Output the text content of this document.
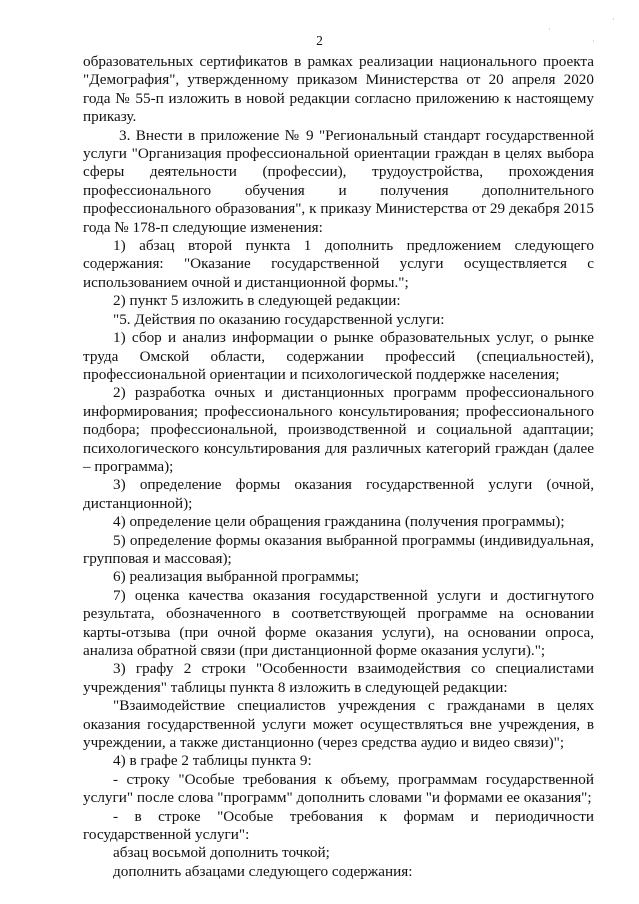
2

образовательных сертификатов в рамках реализации национального проекта "Демография", утвержденному приказом Министерства от 20 апреля 2020 года № 55-п изложить в новой редакции согласно приложению к настоящему приказу.

3. Внести в приложение № 9 "Региональный стандарт государственной услуги "Организация профессиональной ориентации граждан в целях выбора сферы деятельности (профессии), трудоустройства, прохождения профессионального обучения и получения дополнительного профессионального образования", к приказу Министерства от 29 декабря 2015 года № 178-п следующие изменения:

1) абзац второй пункта 1 дополнить предложением следующего содержания: "Оказание государственной услуги осуществляется с использованием очной и дистанционной формы.";

2) пункт 5 изложить в следующей редакции:

"5. Действия по оказанию государственной услуги:

1) сбор и анализ информации о рынке образовательных услуг, о рынке труда Омской области, содержании профессий (специальностей), профессиональной ориентации и психологической поддержке населения;

2) разработка очных и дистанционных программ профессионального информирования; профессионального консультирования; профессионального подбора; профессиональной, производственной и социальной адаптации; психологического консультирования для различных категорий граждан (далее – программа);

3) определение формы оказания государственной услуги (очной, дистанционной);

4) определение цели обращения гражданина (получения программы);

5) определение формы оказания выбранной программы (индивидуальная, групповая и массовая);

6) реализация выбранной программы;

7) оценка качества оказания государственной услуги и достигнутого результата, обозначенного в соответствующей программе на основании карты-отзыва (при очной форме оказания услуги), на основании опроса, анализа обратной связи (при дистанционной форме оказания услуги).";

3) графу 2 строки "Особенности взаимодействия со специалистами учреждения" таблицы пункта 8 изложить в следующей редакции:

"Взаимодействие специалистов учреждения с гражданами в целях оказания государственной услуги может осуществляться вне учреждения, в учреждении, а также дистанционно (через средства аудио и видео связи)";

4) в графе 2 таблицы пункта 9:

- строку "Особые требования к объему, программам государственной услуги" после слова "программ" дополнить словами "и формами ее оказания";

- в строке "Особые требования к формам и периодичности государственной услуги":

абзац восьмой дополнить точкой;

дополнить абзацами следующего содержания:

·
·
·
